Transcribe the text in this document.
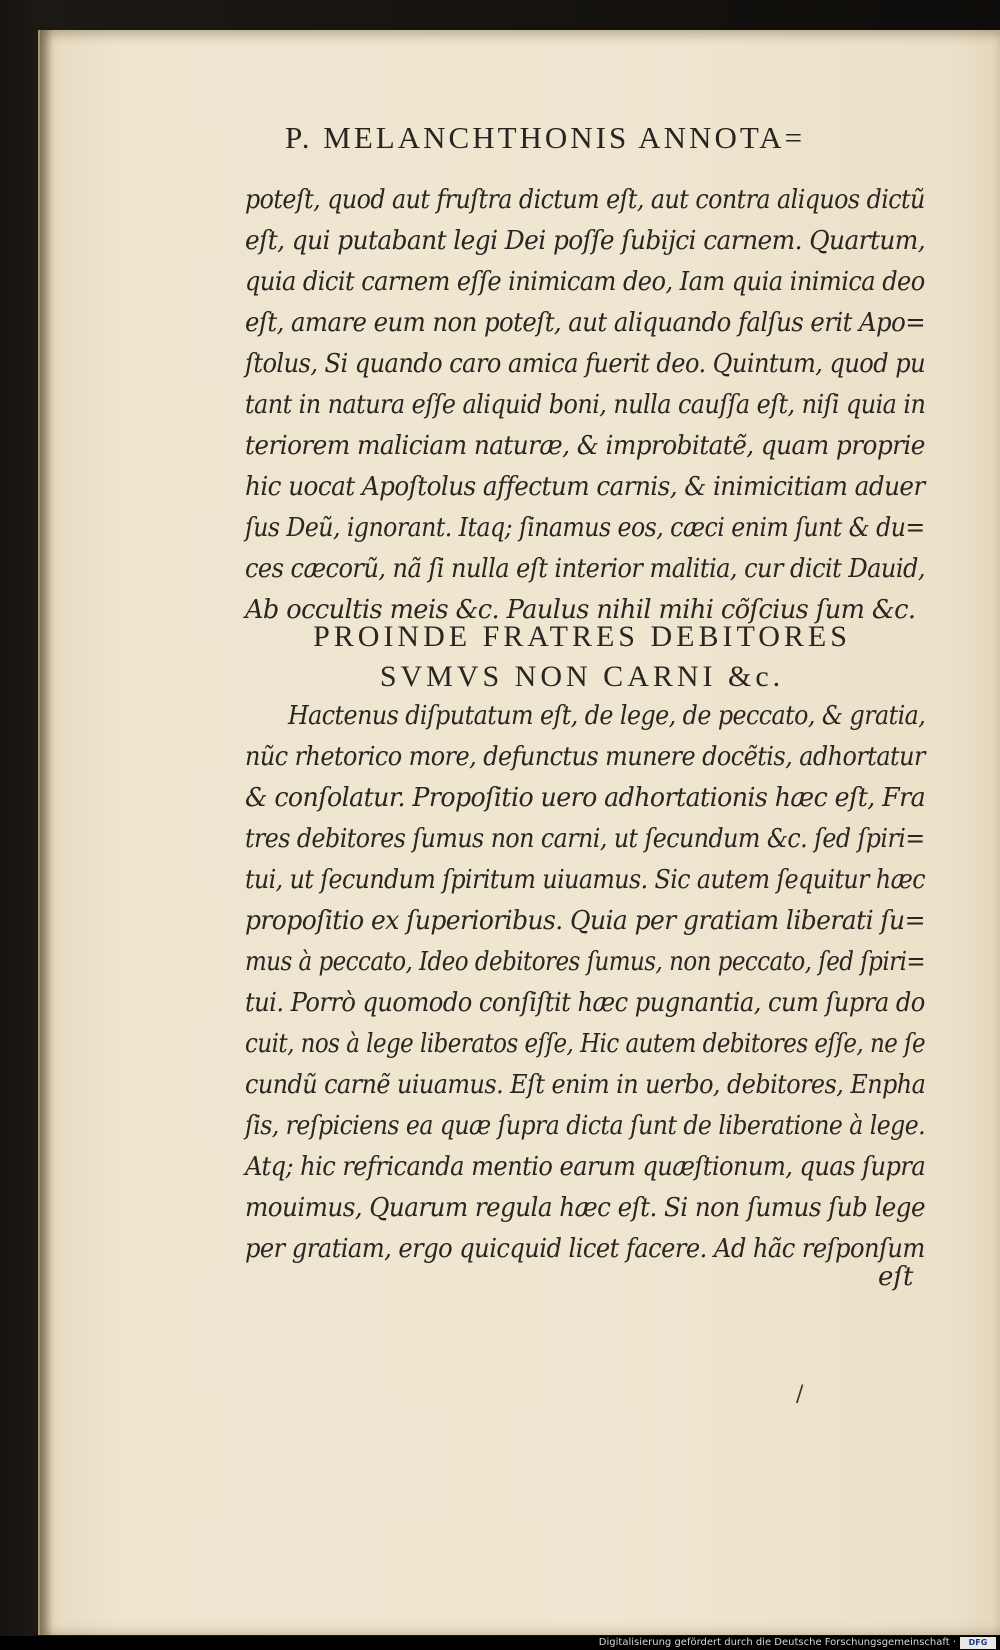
P. MELANCHTHONIS ANNOTA=
eſt
/
Digitalisierung gefördert durch die Deutsche Forschungsgemeinschaft ·	DFG
poteſt, quod aut fruſtra dictum eſt, aut contra aliquos dictũ
eſt, qui putabant legi Dei poſſe ſubijci carnem. Quartum,
quia dicit carnem eſſe inimicam deo, Iam quia inimica deo
eſt, amare eum non poteſt, aut aliquando falſus erit Apo=
ſtolus, Si quando caro amica fuerit deo. Quintum, quod pu
tant in natura eſſe aliquid boni, nulla cauſſa eſt, niſi quia in
teriorem maliciam naturæ, & improbitatẽ, quam proprie
hic uocat Apoſtolus affectum carnis, & inimicitiam aduer
ſus Deũ, ignorant. Itaq; ſinamus eos, cæci enim ſunt & du=
ces cæcorũ, nã ſi nulla eſt interior malitia, cur dicit Dauid,
Ab occultis meis &c. Paulus nihil mihi cõſcius ſum &c.
PROINDE FRATRES DEBITORES
SVMVS NON CARNI &c.
Hactenus diſputatum eſt, de lege, de peccato, & gratia,
nũc rhetorico more, defunctus munere docẽtis, adhortatur
& conſolatur. Propoſitio uero adhortationis hæc eſt, Fra
tres debitores ſumus non carni, ut ſecundum &c. ſed ſpiri=
tui, ut ſecundum ſpiritum uiuamus. Sic autem ſequitur hæc
propoſitio ex ſuperioribus. Quia per gratiam liberati ſu=
mus à peccato, Ideo debitores ſumus, non peccato, ſed ſpiri=
tui. Porrò quomodo conſiſtit hæc pugnantia, cum ſupra do
cuit, nos à lege liberatos eſſe, Hic autem debitores eſſe, ne ſe
cundũ carnẽ uiuamus. Eſt enim in uerbo, debitores, Enpha
ſis, reſpiciens ea quæ ſupra dicta ſunt de liberatione à lege.
Atq; hic refricanda mentio earum quæſtionum, quas ſupra
mouimus, Quarum regula hæc eſt. Si non ſumus ſub lege
per gratiam, ergo quicquid licet facere. Ad hãc reſponſum
